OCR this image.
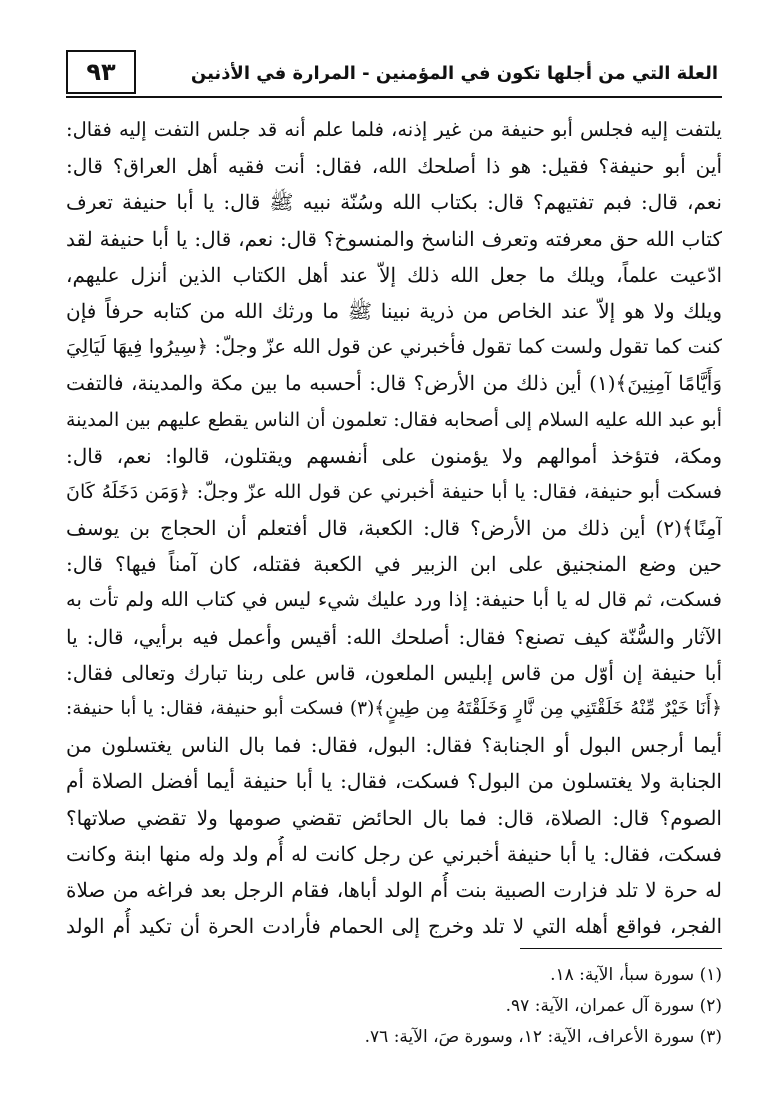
٩٣	العلة التي من أجلها تكون في المؤمنين - المرارة في الأذنين
يلتفت إليه فجلس أبو حنيفة من غير إذنه، فلما علم أنه قد جلس التفت إليه فقال:
أين أبو حنيفة؟ فقيل: هو ذا أصلحك الله، فقال: أنت فقيه أهل العراق؟ قال:
نعم، قال: فبم تفتيهم؟ قال: بكتاب الله وسُنّة نبيه ﷺ قال: يا أبا حنيفة تعرف
كتاب الله حق معرفته وتعرف الناسخ والمنسوخ؟ قال: نعم، قال: يا أبا حنيفة لقد
ادّعيت علماً، ويلك ما جعل الله ذلك إلاّ عند أهل الكتاب الذين أنزل عليهم،
ويلك ولا هو إلاّ عند الخاص من ذرية نبينا ﷺ ما ورثك الله من كتابه حرفاً فإن
كنت كما تقول ولست كما تقول فأخبرني عن قول الله عزّ وجلّ: ﴿سِيرُوا فِيهَا لَيَالِيَ
وَأَيَّامًا آمِنِينَ﴾(١) أين ذلك من الأرض؟ قال: أحسبه ما بين مكة والمدينة، فالتفت
أبو عبد الله عليه السلام إلى أصحابه فقال: تعلمون أن الناس يقطع عليهم بين المدينة
ومكة، فتؤخذ أموالهم ولا يؤمنون على أنفسهم ويقتلون، قالوا: نعم، قال:
فسكت أبو حنيفة، فقال: يا أبا حنيفة أخبرني عن قول الله عزّ وجلّ: ﴿وَمَن دَخَلَهُ كَانَ
آمِنًا﴾(٢) أين ذلك من الأرض؟ قال: الكعبة، قال أفتعلم أن الحجاج بن يوسف
حين وضع المنجنيق على ابن الزبير في الكعبة فقتله، كان آمناً فيها؟ قال:
فسكت، ثم قال له يا أبا حنيفة: إذا ورد عليك شيء ليس في كتاب الله ولم تأت به
الآثار والسُّنّة كيف تصنع؟ فقال: أصلحك الله: أقيس وأعمل فيه برأيي، قال: يا
أبا حنيفة إن أوّل من قاس إبليس الملعون، قاس على ربنا تبارك وتعالى فقال:
﴿أَنَا خَيْرٌ مِّنْهُ خَلَقْتَنِي مِن نَّارٍ وَخَلَقْتَهُ مِن طِينٍ﴾(٣) فسكت أبو حنيفة، فقال: يا أبا حنيفة:
أيما أرجس البول أو الجنابة؟ فقال: البول، فقال: فما بال الناس يغتسلون من
الجنابة ولا يغتسلون من البول؟ فسكت، فقال: يا أبا حنيفة أيما أفضل الصلاة أم
الصوم؟ قال: الصلاة، قال: فما بال الحائض تقضي صومها ولا تقضي صلاتها؟
فسكت، فقال: يا أبا حنيفة أخبرني عن رجل كانت له أُم ولد وله منها ابنة وكانت
له حرة لا تلد فزارت الصبية بنت أُم الولد أباها، فقام الرجل بعد فراغه من صلاة
الفجر، فواقع أهله التي لا تلد وخرج إلى الحمام فأرادت الحرة أن تكيد أُم الولد
(١) سورة سبأ، الآية: ١٨.
(٢) سورة آل عمران، الآية: ٩٧.
(٣) سورة الأعراف، الآية: ١٢، وسورة صَ، الآية: ٧٦.
